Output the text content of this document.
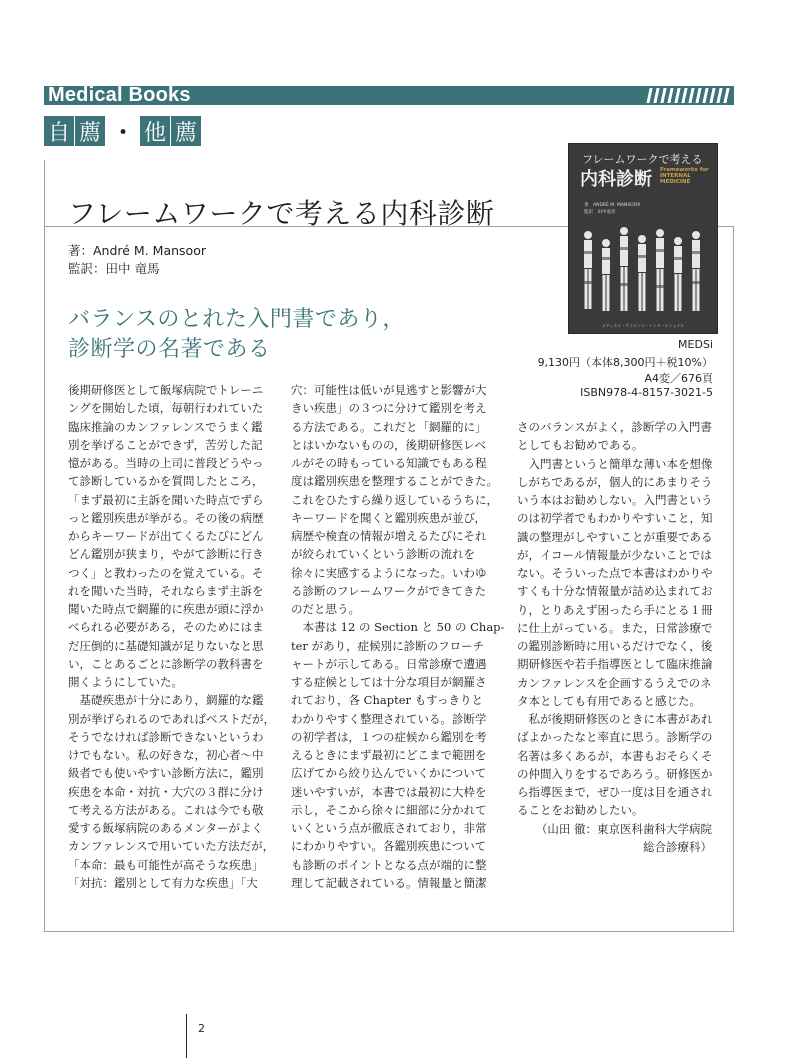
Medical Books
自 薦 ・ 他 薦
フレームワークで考える内科診断
著：André M. Mansoor
監訳：田中 竜馬
バランスのとれた入門書であり，
診断学の名著である
フレームワークで考える
内科診断 Frameworks for INTERNAL MEDICINE
著　ANDRÉ M. MANSOOR
監訳　田中竜馬
メディカル・サイエンス・インターナショナル
MEDSi
9,130円（本体8,300円＋税10%）
A4変／676頁
ISBN978-4-8157-3021-5
後期研修医として飯塚病院でトレーニ
ングを開始した頃，毎朝行われていた
臨床推論のカンファレンスでうまく鑑
別を挙げることができず，苦労した記
憶がある。当時の上司に普段どうやっ
て診断しているかを質問したところ，
「まず最初に主訴を聞いた時点でずら
っと鑑別疾患が挙がる。その後の病歴
からキーワードが出てくるたびにどん
どん鑑別が狭まり，やがて診断に行き
つく」と教わったのを覚えている。そ
れを聞いた当時，それならまず主訴を
聞いた時点で網羅的に疾患が頭に浮か
べられる必要がある，そのためにはま
だ圧倒的に基礎知識が足りないなと思
い，ことあるごとに診断学の教科書を
開くようにしていた。
　基礎疾患が十分にあり，網羅的な鑑
別が挙げられるのであればベストだが，
そうでなければ診断できないというわ
けでもない。私の好きな，初心者～中
級者でも使いやすい診断方法に，鑑別
疾患を本命・対抗・大穴の３群に分け
て考える方法がある。これは今でも敬
愛する飯塚病院のあるメンターがよく
カンファレンスで用いていた方法だが，
「本命：最も可能性が高そうな疾患」
「対抗：鑑別として有力な疾患」「大
穴：可能性は低いが見逃すと影響が大
きい疾患」の３つに分けて鑑別を考え
る方法である。これだと「網羅的に」
とはいかないものの，後期研修医レベ
ルがその時もっている知識でもある程
度は鑑別疾患を整理することができた。
これをひたすら繰り返しているうちに，
キーワードを聞くと鑑別疾患が並び，
病歴や検査の情報が増えるたびにそれ
が絞られていくという診断の流れを
徐々に実感するようになった。いわゆ
る診断のフレームワークができてきた
のだと思う。
　本書は 12 の Section と 50 の Chap-
ter があり，症候別に診断のフローチ
ャートが示してある。日常診療で遭遇
する症候としては十分な項目が網羅さ
れており，各 Chapter もすっきりと
わかりやすく整理されている。診断学
の初学者は，１つの症候から鑑別を考
えるときにまず最初にどこまで範囲を
広げてから絞り込んでいくかについて
迷いやすいが，本書では最初に大枠を
示し，そこから徐々に細部に分かれて
いくという点が徹底されており，非常
にわかりやすい。各鑑別疾患について
も診断のポイントとなる点が端的に整
理して記載されている。情報量と簡潔
さのバランスがよく，診断学の入門書
としてもお勧めである。
　入門書というと簡単な薄い本を想像
しがちであるが，個人的にあまりそう
いう本はお勧めしない。入門書という
のは初学者でもわかりやすいこと，知
識の整理がしやすいことが重要である
が，イコール情報量が少ないことでは
ない。そういった点で本書はわかりや
すくも十分な情報量が詰め込まれてお
り，とりあえず困ったら手にとる１冊
に仕上がっている。また，日常診療で
の鑑別診断時に用いるだけでなく，後
期研修医や若手指導医として臨床推論
カンファレンスを企画するうえでのネ
タ本としても有用であると感じた。
　私が後期研修医のときに本書があれ
ばよかったなと率直に思う。診断学の
名著は多くあるが，本書もおそらくそ
の仲間入りをするであろう。研修医か
ら指導医まで，ぜひ一度は目を通され
ることをお勧めしたい。
（山田 徹：東京医科歯科大学病院
総合診療科）
2
